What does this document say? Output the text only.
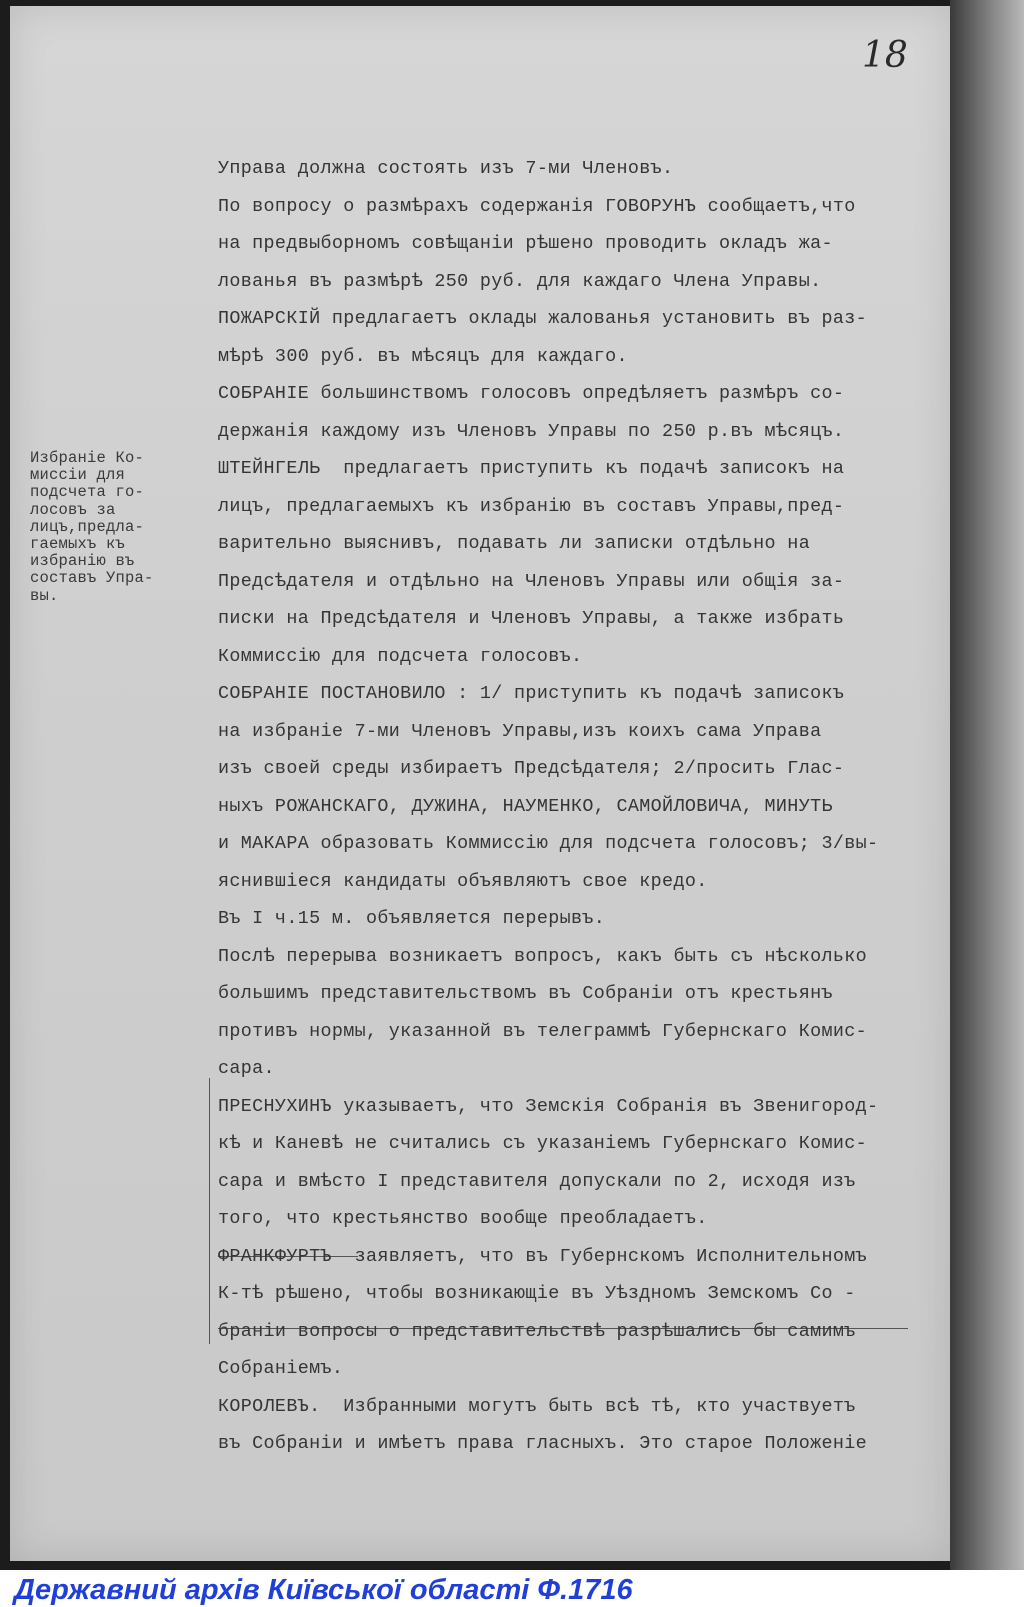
18
Избраніе Ко-
миссіи для
подсчета го-
лосовъ за
лицъ,предла-
гаемыхъ къ
избранію въ
составъ Упра-
вы.
Управа должна состоять изъ 7-ми Членовъ.
По вопросу о размѣрахъ содержанія ГОВОРУНЪ сообщаетъ,что
на предвыборномъ совѣщаніи рѣшено проводить окладъ жа-
лованья въ размѣрѣ 250 руб. для каждаго Члена Управы.
ПОЖАРСКІЙ предлагаетъ оклады жалованья установить въ раз-
мѣрѣ 300 руб. въ мѣсяцъ для каждаго.
СОБРАНІЕ большинствомъ голосовъ опредѣляетъ размѣръ со-
держанія каждому изъ Членовъ Управы по 250 р.въ мѣсяцъ.
ШТЕЙНГЕЛЬ  предлагаетъ приступить къ подачѣ записокъ на
лицъ, предлагаемыхъ къ избранію въ составъ Управы,пред-
варительно выяснивъ, подавать ли записки отдѣльно на
Предсѣдателя и отдѣльно на Членовъ Управы или общія за-
писки на Предсѣдателя и Членовъ Управы, а также избрать
Коммиссію для подсчета голосовъ.
СОБРАНІЕ ПОСТАНОВИЛО : 1/ приступить къ подачѣ записокъ
на избраніе 7-ми Членовъ Управы,изъ коихъ сама Управа
изъ своей среды избираетъ Предсѣдателя; 2/просить Глас-
ныхъ РОЖАНСКАГО, ДУЖИНА, НАУМЕНКО, САМОЙЛОВИЧА, МИНУТЬ
и МАКАРА образовать Коммиссію для подсчета голосовъ; 3/вы-
яснившіеся кандидаты объявляютъ свое кредо.
Въ I ч.15 м. объявляется перерывъ.
Послѣ перерыва возникаетъ вопросъ, какъ быть съ нѣсколько
большимъ представительствомъ въ Собраніи отъ крестьянъ
противъ нормы, указанной въ телеграммѣ Губернскаго Комис-
сара.
ПРЕСНУХИНЪ указываетъ, что Земскія Собранія въ Звенигород-
кѣ и Каневѣ не считались съ указаніемъ Губернскаго Комис-
сара и вмѣсто I представителя допускали по 2, исходя изъ
того, что крестьянство вообще преобладаетъ.
ФРАНКФУРТЪ  заявляетъ, что въ Губернскомъ Исполнительномъ
К-тѣ рѣшено, чтобы возникающіе въ Уѣздномъ Земскомъ Со -
браніи вопросы о представительствѣ разрѣшались бы самимъ
Собраніемъ.
КОРОЛЕВЪ.  Избранными могутъ быть всѣ тѣ, кто участвуетъ
въ Собраніи и имѣетъ права гласныхъ. Это старое Положеніе
Державний архів Київської області Ф.1716
